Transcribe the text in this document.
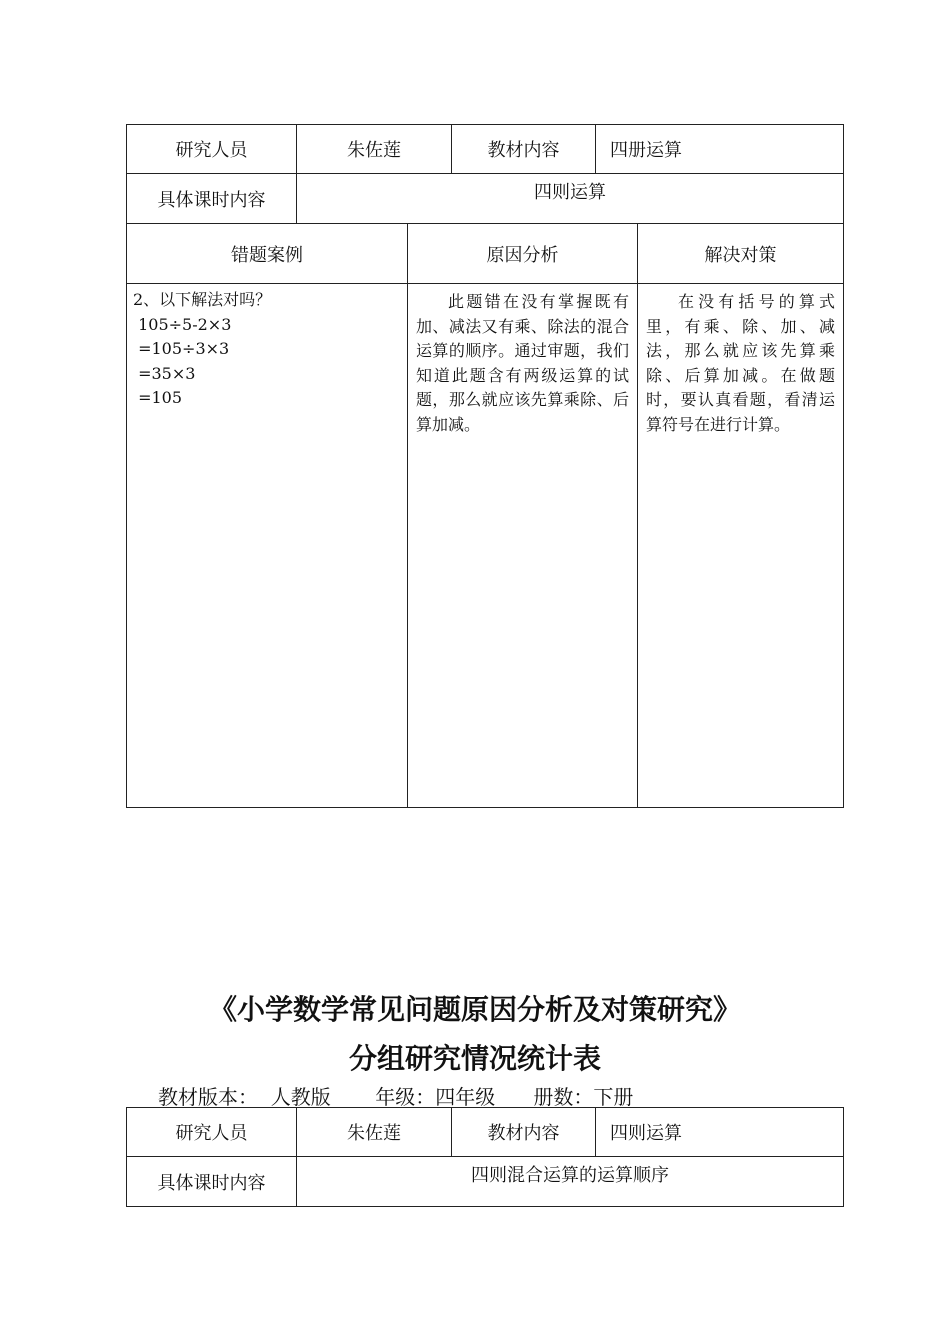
研究人员	朱佐莲	教材内容	四册运算
具体课时内容	四则运算
错题案例	原因分析	解决对策
2、以下解法对吗？
105÷5-2×3
=105÷3×3
=35×3
=105

此题错在没有掌握既有加、减法又有乘、除法的混合运算的顺序。通过审题，我们知道此题含有两级运算的试题，那么就应该先算乘除、后算加减。

在没有括号的算式里，有乘、除、加、减法，那么就应该先算乘除、后算加减。在做题时，要认真看题，看清运算符号在进行计算。

《小学数学常见问题原因分析及对策研究》
分组研究情况统计表
教材版本：  人教版       年级：四年级      册数：下册
研究人员	朱佐莲	教材内容	四则运算
具体课时内容	四则混合运算的运算顺序
